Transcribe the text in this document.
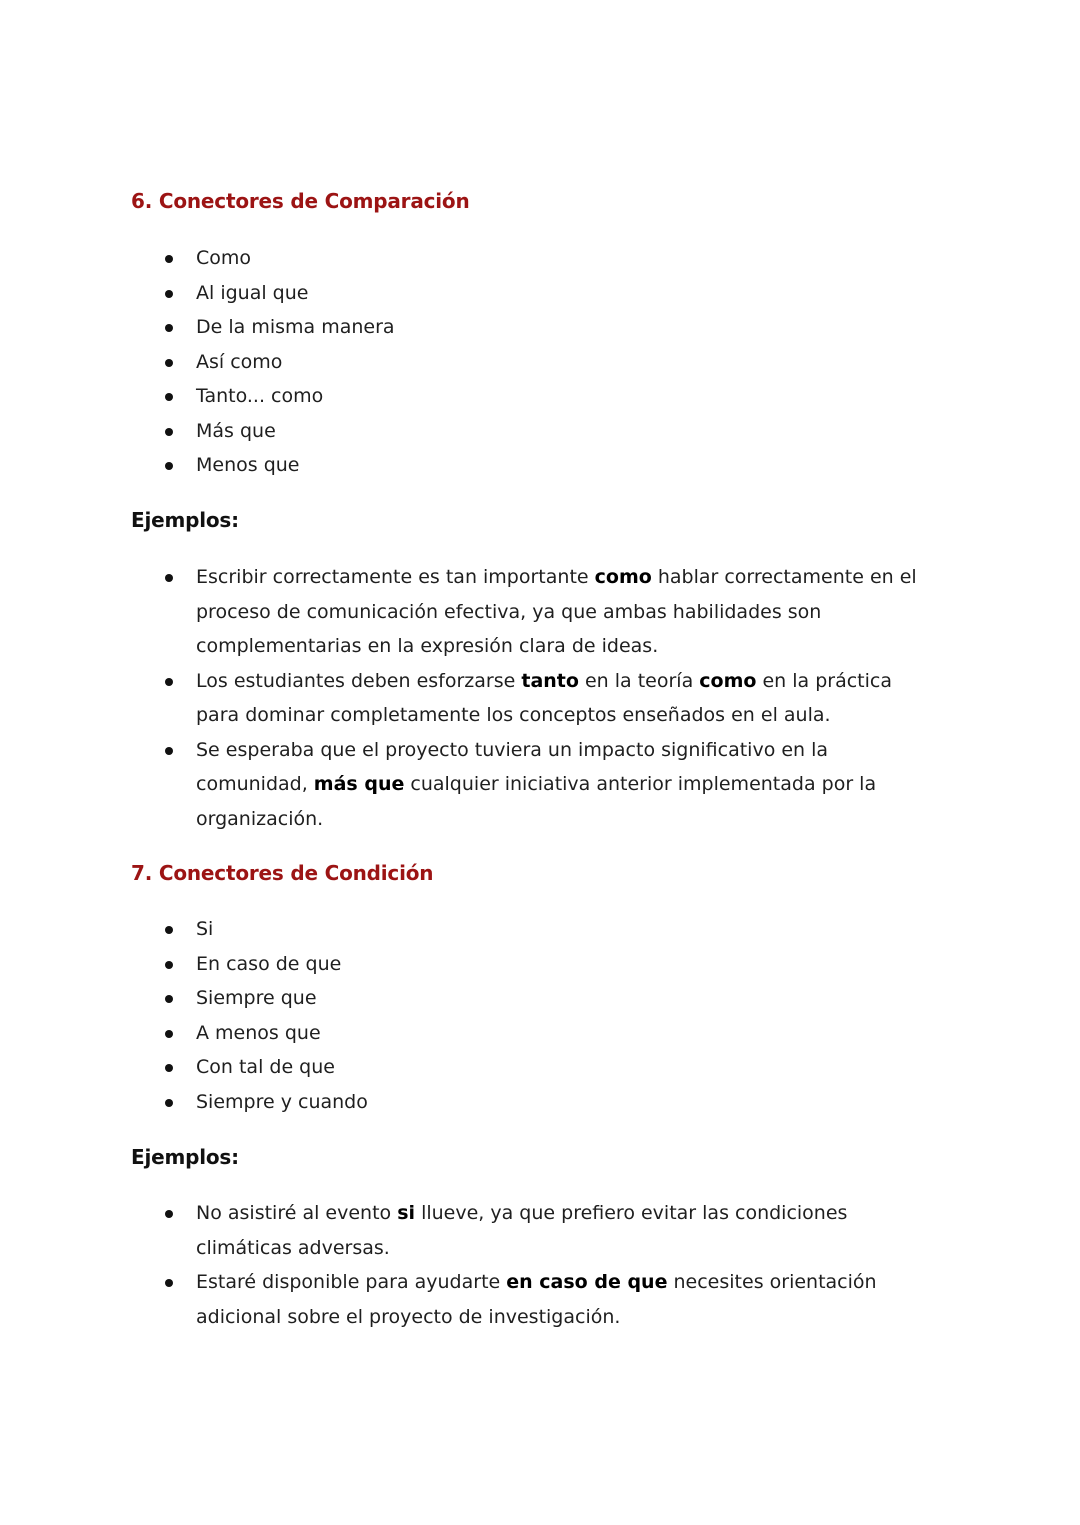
6. Conectores de Comparación
Como
Al igual que
De la misma manera
Así como
Tanto... como
Más que
Menos que
Ejemplos:
Escribir correctamente es tan importante como hablar correctamente en el proceso de comunicación efectiva, ya que ambas habilidades son complementarias en la expresión clara de ideas.
Los estudiantes deben esforzarse tanto en la teoría como en la práctica para dominar completamente los conceptos enseñados en el aula.
Se esperaba que el proyecto tuviera un impacto significativo en la comunidad, más que cualquier iniciativa anterior implementada por la organización.
7. Conectores de Condición
Si
En caso de que
Siempre que
A menos que
Con tal de que
Siempre y cuando
Ejemplos:
No asistiré al evento si llueve, ya que prefiero evitar las condiciones climáticas adversas.
Estaré disponible para ayudarte en caso de que necesites orientación adicional sobre el proyecto de investigación.
